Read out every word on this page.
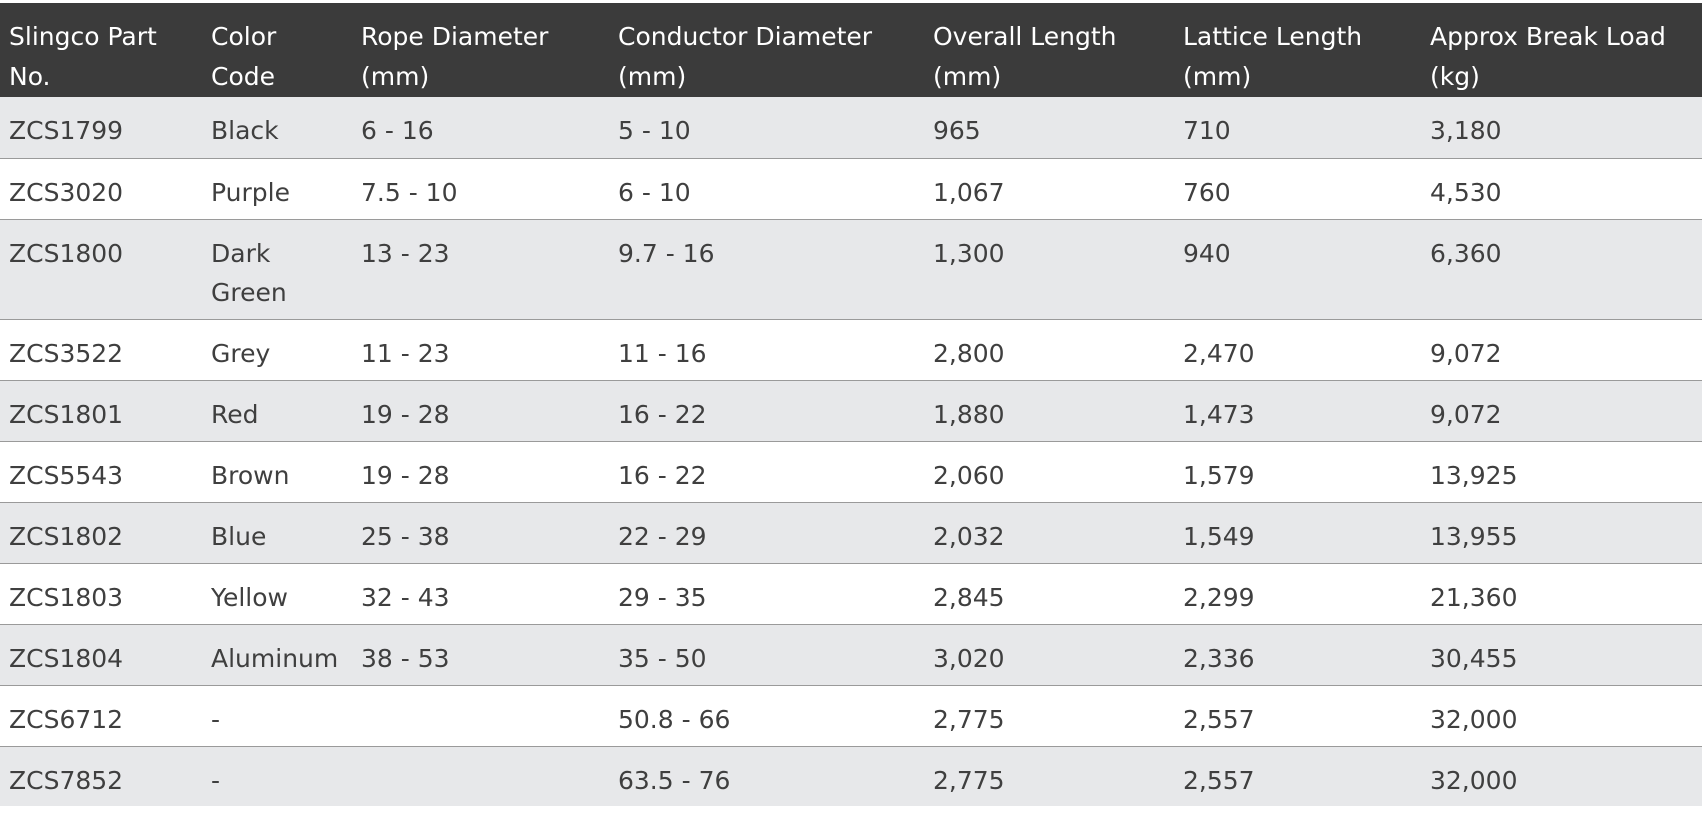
Slingco Part No.	Color Code	Rope Diameter (mm)	Conductor Diameter (mm)	Overall Length (mm)	Lattice Length (mm)	Approx Break Load (kg)
ZCS1799	Black	6 - 16	5 - 10	965	710	3,180
ZCS3020	Purple	7.5 - 10	6 - 10	1,067	760	4,530
ZCS1800	Dark Green	13 - 23	9.7 - 16	1,300	940	6,360
ZCS3522	Grey	11 - 23	11 - 16	2,800	2,470	9,072
ZCS1801	Red	19 - 28	16 - 22	1,880	1,473	9,072
ZCS5543	Brown	19 - 28	16 - 22	2,060	1,579	13,925
ZCS1802	Blue	25 - 38	22 - 29	2,032	1,549	13,955
ZCS1803	Yellow	32 - 43	29 - 35	2,845	2,299	21,360
ZCS1804	Aluminum	38 - 53	35 - 50	3,020	2,336	30,455
ZCS6712	-		50.8 - 66	2,775	2,557	32,000
ZCS7852	-		63.5 - 76	2,775	2,557	32,000
